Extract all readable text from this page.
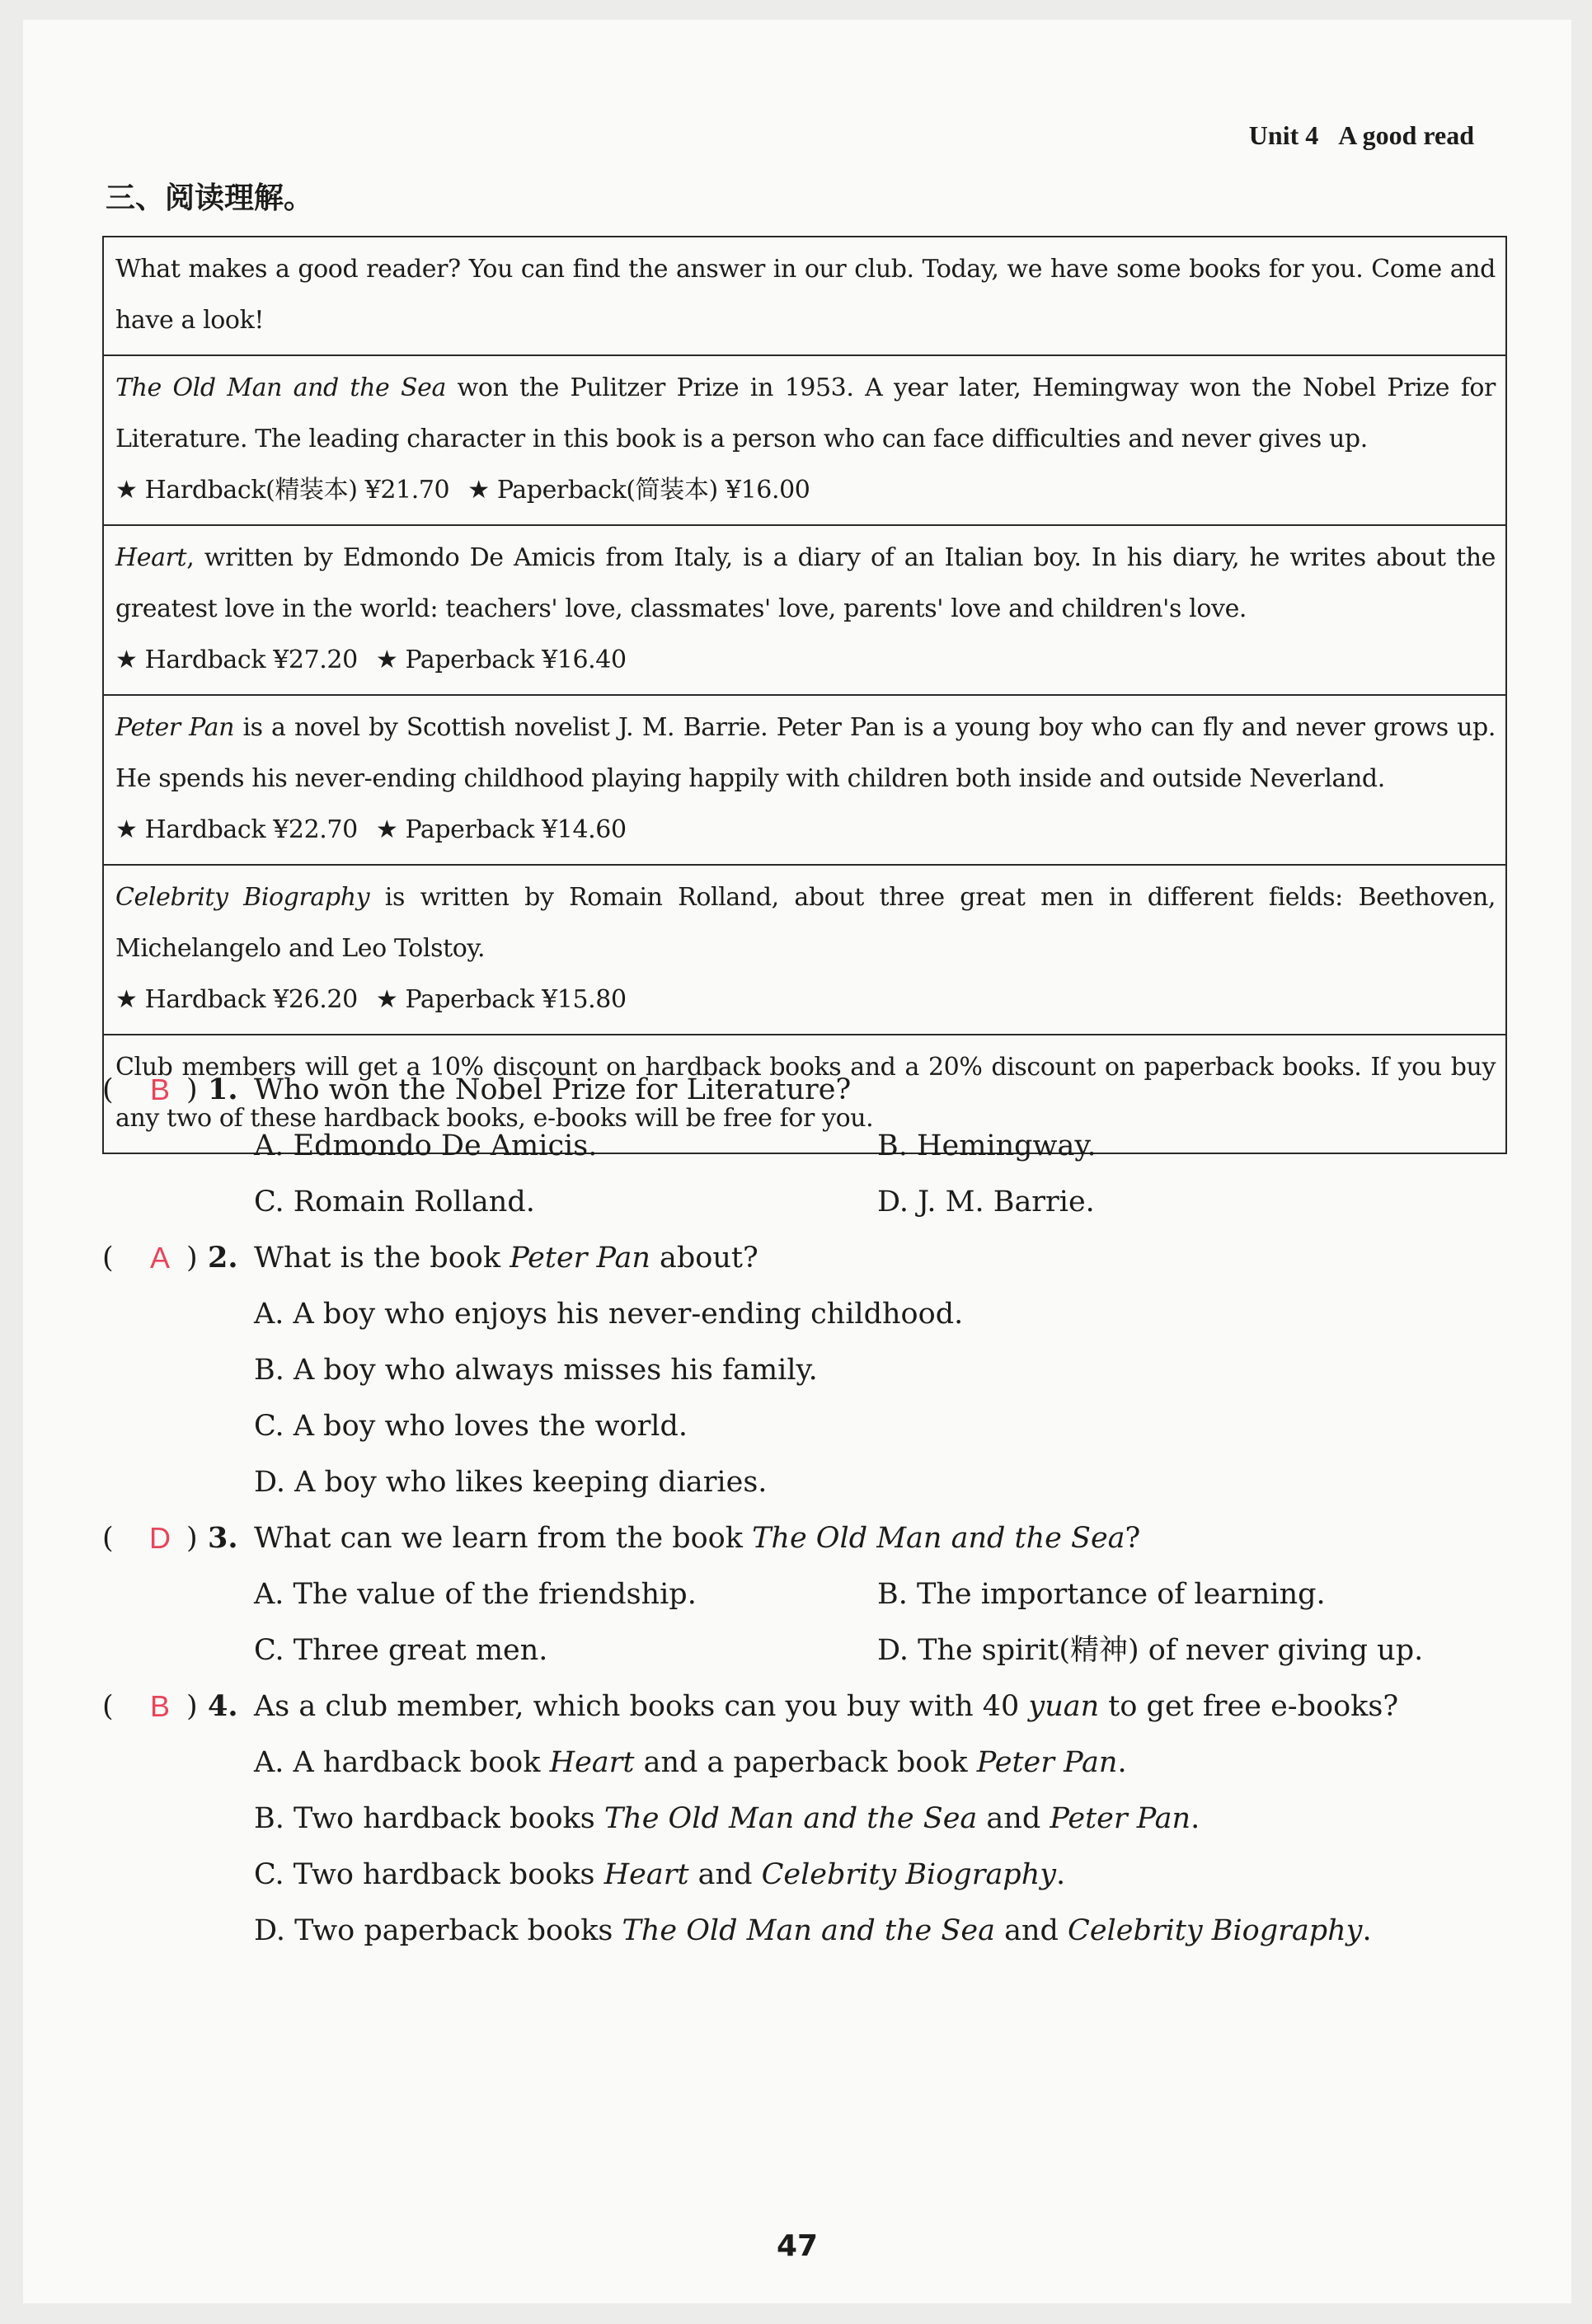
Unit 4 A good read
三、阅读理解。
What makes a good reader? You can find the answer in our club. Today, we have some books for you. Come and have a look!
The Old Man and the Sea won the Pulitzer Prize in 1953. A year later, Hemingway won the Nobel Prize for Literature. The leading character in this book is a person who can face difficulties and never gives up.
★ Hardback(精装本) ¥21.70 ★ Paperback(简装本) ¥16.00
Heart, written by Edmondo De Amicis from Italy, is a diary of an Italian boy. In his diary, he writes about the greatest love in the world: teachers' love, classmates' love, parents' love and children's love.
★ Hardback ¥27.20 ★ Paperback ¥16.40
Peter Pan is a novel by Scottish novelist J. M. Barrie. Peter Pan is a young boy who can fly and never grows up. He spends his never-ending childhood playing happily with children both inside and outside Neverland.
★ Hardback ¥22.70 ★ Paperback ¥14.60
Celebrity Biography is written by Romain Rolland, about three great men in different fields: Beethoven, Michelangelo and Leo Tolstoy.
★ Hardback ¥26.20 ★ Paperback ¥15.80
Club members will get a 10% discount on hardback books and a 20% discount on paperback books. If you buy any two of these hardback books, e-books will be free for you.
(	B ) 1. Who won the Nobel Prize for Literature?
A. Edmondo De Amicis.	B. Hemingway.
C. Romain Rolland.	D. J. M. Barrie.
(	A ) 2. What is the book Peter Pan about?
A. A boy who enjoys his never-ending childhood.
B. A boy who always misses his family.
C. A boy who loves the world.
D. A boy who likes keeping diaries.
(	D ) 3. What can we learn from the book The Old Man and the Sea?
A. The value of the friendship.	B. The importance of learning.
C. Three great men.	D. The spirit(精神) of never giving up.
(	B ) 4. As a club member, which books can you buy with 40 yuan to get free e-books?
A. A hardback book Heart and a paperback book Peter Pan.
B. Two hardback books The Old Man and the Sea and Peter Pan.
C. Two hardback books Heart and Celebrity Biography.
D. Two paperback books The Old Man and the Sea and Celebrity Biography.
47
